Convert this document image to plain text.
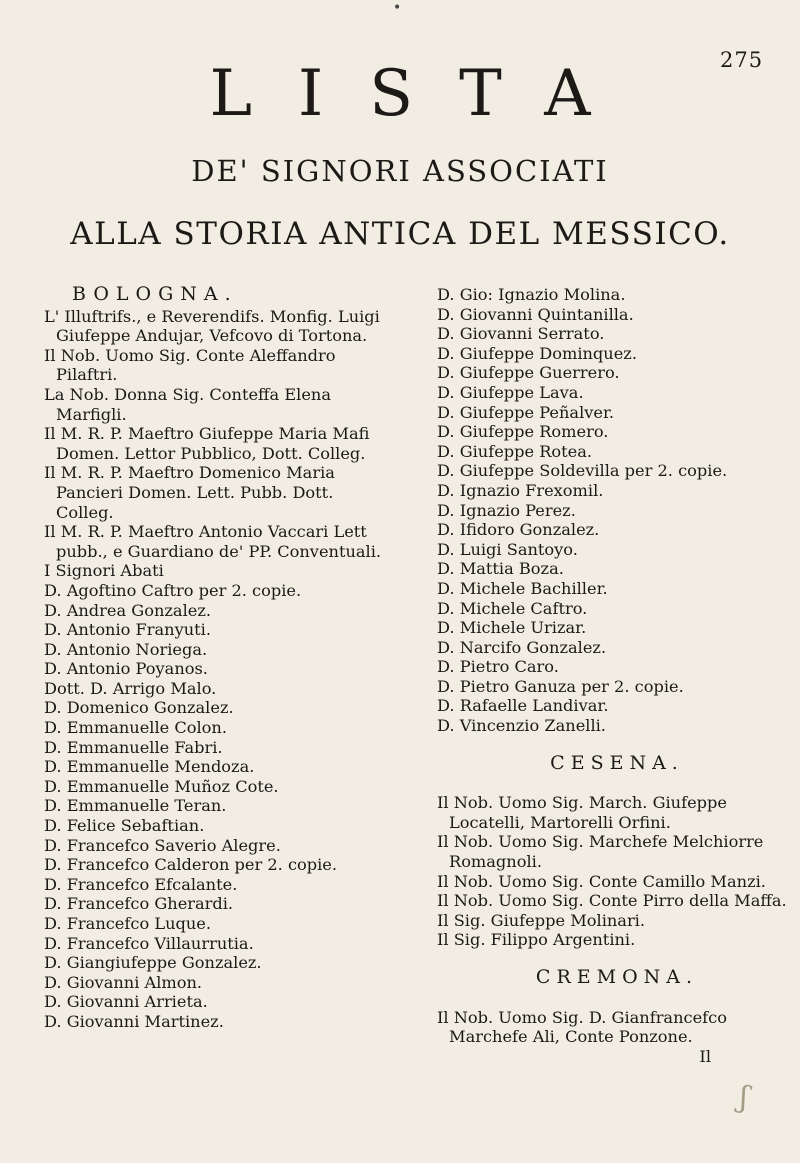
•
275
LISTA
DE' SIGNORI ASSOCIATI
ALLA STORIA ANTICA DEL MESSICO.
BOLOGNA.
L' Illuftrifs., e Reverendifs. Monfig. Luigi Giufeppe Andujar, Vefcovo di Tortona.
Il Nob. Uomo Sig. Conte Aleffandro Pilaftri.
La Nob. Donna Sig. Conteffa Elena Marfigli.
Il M. R. P. Maeftro Giufeppe Maria Mafi Domen. Lettor Pubblico, Dott. Colleg.
Il M. R. P. Maeftro Domenico Maria Pancieri Domen. Lett. Pubb. Dott. Colleg.
Il M. R. P. Maeftro Antonio Vaccari Lett pubb., e Guardiano de' PP. Conventuali.
I Signori Abati
D. Agoftino Caftro per 2. copie.
D. Andrea Gonzalez.
D. Antonio Franyuti.
D. Antonio Noriega.
D. Antonio Poyanos.
Dott. D. Arrigo Malo.
D. Domenico Gonzalez.
D. Emmanuelle Colon.
D. Emmanuelle Fabri.
D. Emmanuelle Mendoza.
D. Emmanuelle Muñoz Cote.
D. Emmanuelle Teran.
D. Felice Sebaftian.
D. Francefco Saverio Alegre.
D. Francefco Calderon per 2. copie.
D. Francefco Efcalante.
D. Francefco Gherardi.
D. Francefco Luque.
D. Francefco Villaurrutia.
D. Giangiufeppe Gonzalez.
D. Giovanni Almon.
D. Giovanni Arrieta.
D. Giovanni Martinez.
D. Gio: Ignazio Molina.
D. Giovanni Quintanilla.
D. Giovanni Serrato.
D. Giufeppe Dominquez.
D. Giufeppe Guerrero.
D. Giufeppe Lava.
D. Giufeppe Peñalver.
D. Giufeppe Romero.
D. Giufeppe Rotea.
D. Giufeppe Soldevilla per 2. copie.
D. Ignazio Frexomil.
D. Ignazio Perez.
D. Ifidoro Gonzalez.
D. Luigi Santoyo.
D. Mattia Boza.
D. Michele Bachiller.
D. Michele Caftro.
D. Michele Urizar.
D. Narcifo Gonzalez.
D. Pietro Caro.
D. Pietro Ganuza per 2. copie.
D. Rafaelle Landivar.
D. Vincenzio Zanelli.
CESENA.
Il Nob. Uomo Sig. March. Giufeppe Locatelli, Martorelli Orfini.
Il Nob. Uomo Sig. Marchefe Melchiorre Romagnoli.
Il Nob. Uomo Sig. Conte Camillo Manzi.
Il Nob. Uomo Sig. Conte Pirro della Maffa.
Il Sig. Giufeppe Molinari.
Il Sig. Filippo Argentini.
CREMONA.
Il Nob. Uomo Sig. D. Gianfrancefco Marchefe Ali, Conte Ponzone.
Il
ʃ
